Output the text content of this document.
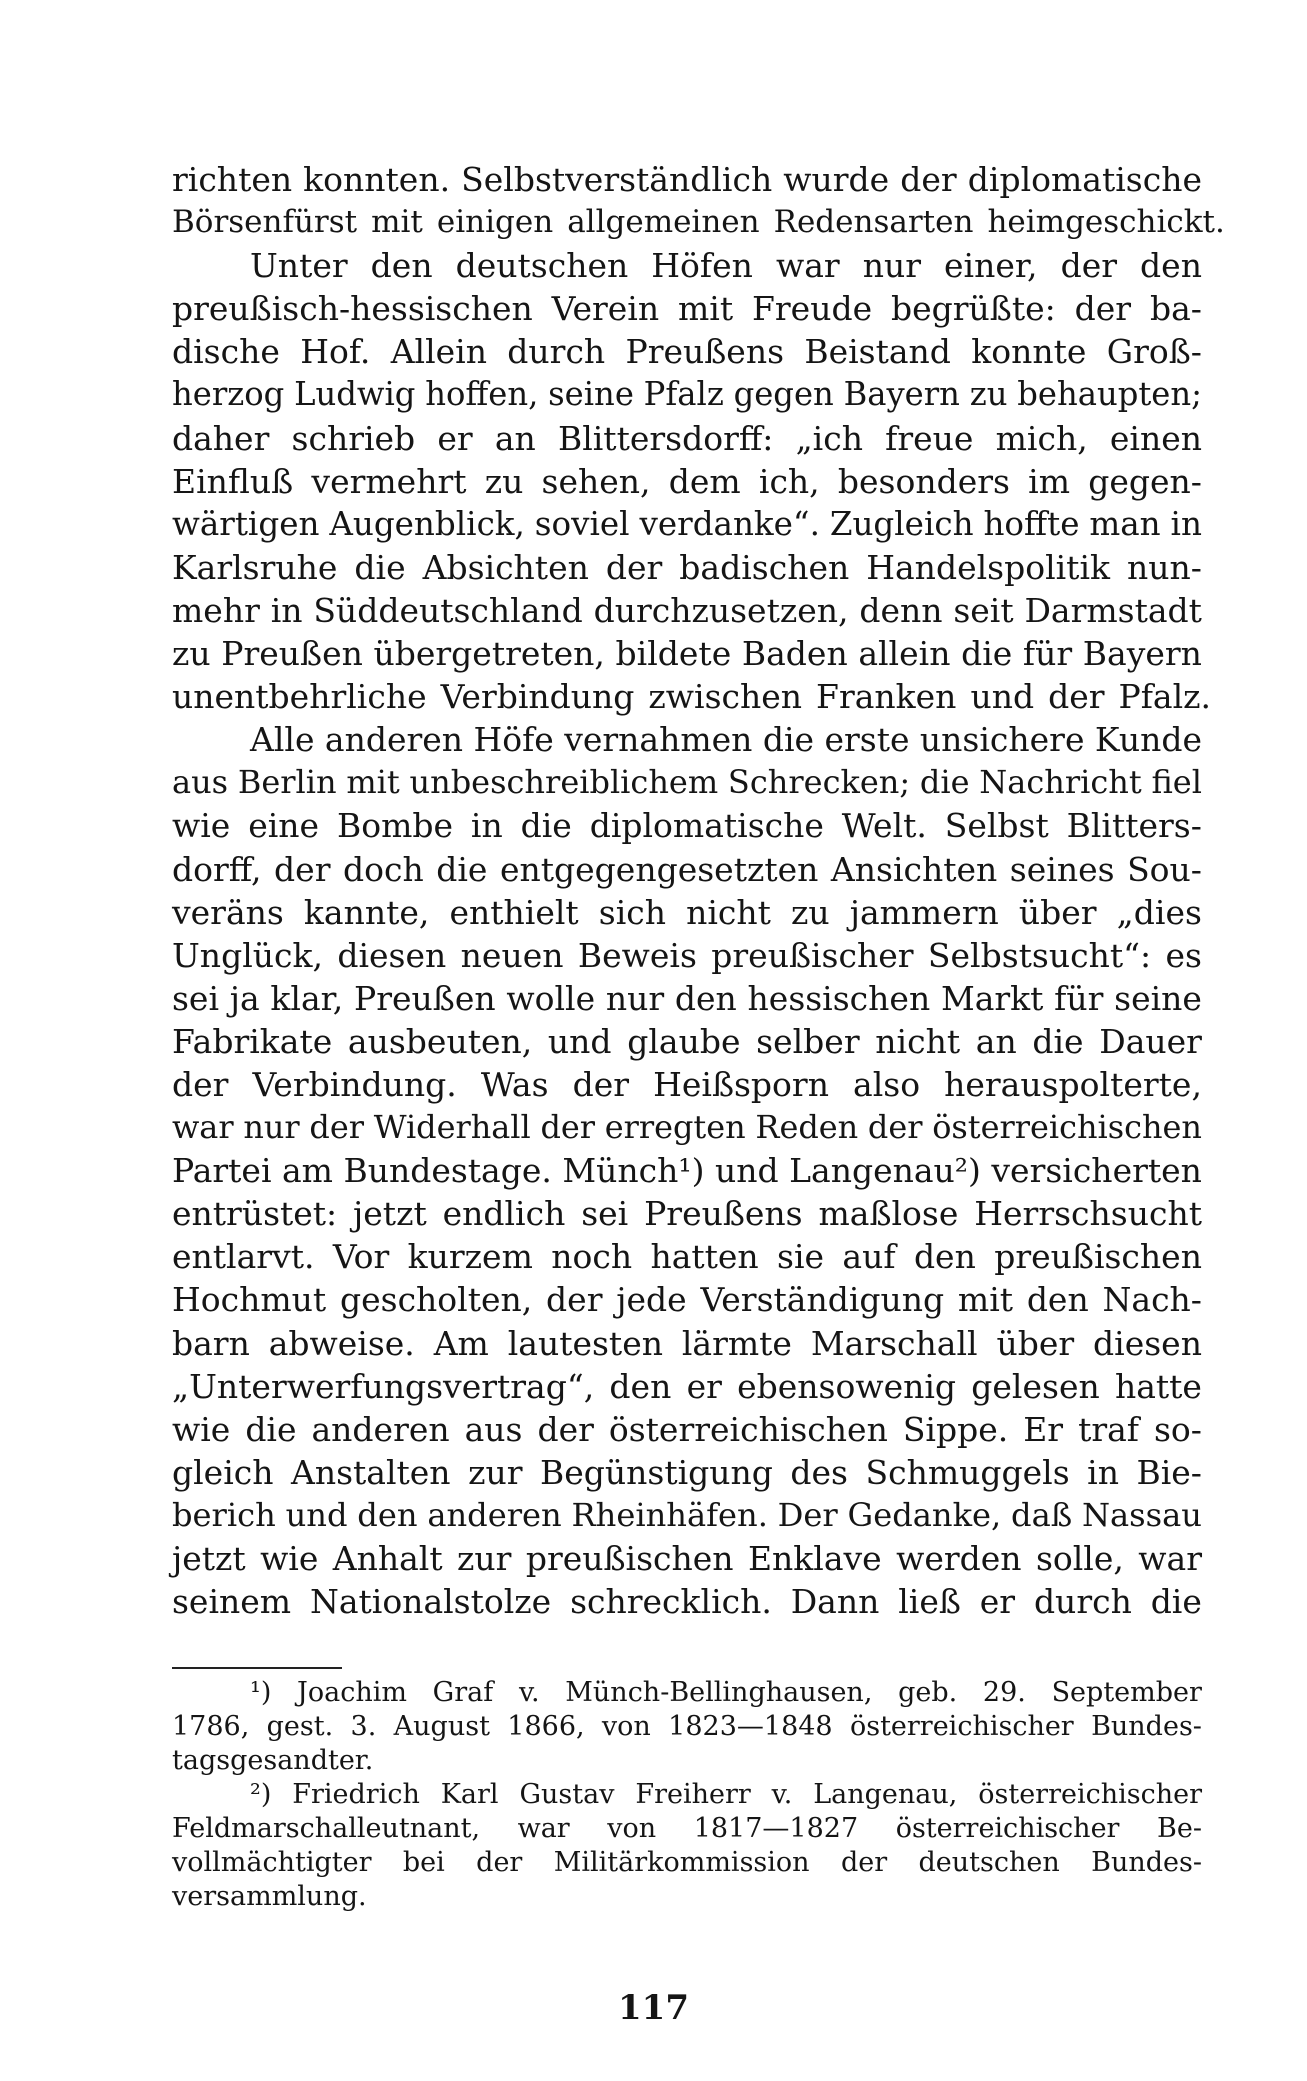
richten konnten. Selbstverständlich wurde der diplomatische
Börsenfürst mit einigen allgemeinen Redensarten heimgeschickt.
Unter den deutschen Höfen war nur einer, der den
preußisch-hessischen Verein mit Freude begrüßte: der ba-
dische Hof. Allein durch Preußens Beistand konnte Groß-
herzog Ludwig hoffen, seine Pfalz gegen Bayern zu behaupten;
daher schrieb er an Blittersdorff: „ich freue mich, einen
Einfluß vermehrt zu sehen, dem ich, besonders im gegen-
wärtigen Augenblick, soviel verdanke“. Zugleich hoffte man in
Karlsruhe die Absichten der badischen Handelspolitik nun-
mehr in Süddeutschland durchzusetzen, denn seit Darmstadt
zu Preußen übergetreten, bildete Baden allein die für Bayern
unentbehrliche Verbindung zwischen Franken und der Pfalz.
Alle anderen Höfe vernahmen die erste unsichere Kunde
aus Berlin mit unbeschreiblichem Schrecken; die Nachricht fiel
wie eine Bombe in die diplomatische Welt. Selbst Blitters-
dorff, der doch die entgegengesetzten Ansichten seines Sou-
veräns kannte, enthielt sich nicht zu jammern über „dies
Unglück, diesen neuen Beweis preußischer Selbstsucht“: es
sei ja klar, Preußen wolle nur den hessischen Markt für seine
Fabrikate ausbeuten, und glaube selber nicht an die Dauer
der Verbindung. Was der Heißsporn also herauspolterte,
war nur der Widerhall der erregten Reden der österreichischen
Partei am Bundestage. Münch¹) und Langenau²) versicherten
entrüstet: jetzt endlich sei Preußens maßlose Herrschsucht
entlarvt. Vor kurzem noch hatten sie auf den preußischen
Hochmut gescholten, der jede Verständigung mit den Nach-
barn abweise. Am lautesten lärmte Marschall über diesen
„Unterwerfungsvertrag“, den er ebensowenig gelesen hatte
wie die anderen aus der österreichischen Sippe. Er traf so-
gleich Anstalten zur Begünstigung des Schmuggels in Bie-
berich und den anderen Rheinhäfen. Der Gedanke, daß Nassau
jetzt wie Anhalt zur preußischen Enklave werden solle, war
seinem Nationalstolze schrecklich. Dann ließ er durch die
¹) Joachim Graf v. Münch-Bellinghausen, geb. 29. September
1786, gest. 3. August 1866, von 1823—1848 österreichischer Bundes-
tagsgesandter.
²) Friedrich Karl Gustav Freiherr v. Langenau, österreichischer
Feldmarschalleutnant, war von 1817—1827 österreichischer Be-
vollmächtigter bei der Militärkommission der deutschen Bundes-
versammlung.
117
